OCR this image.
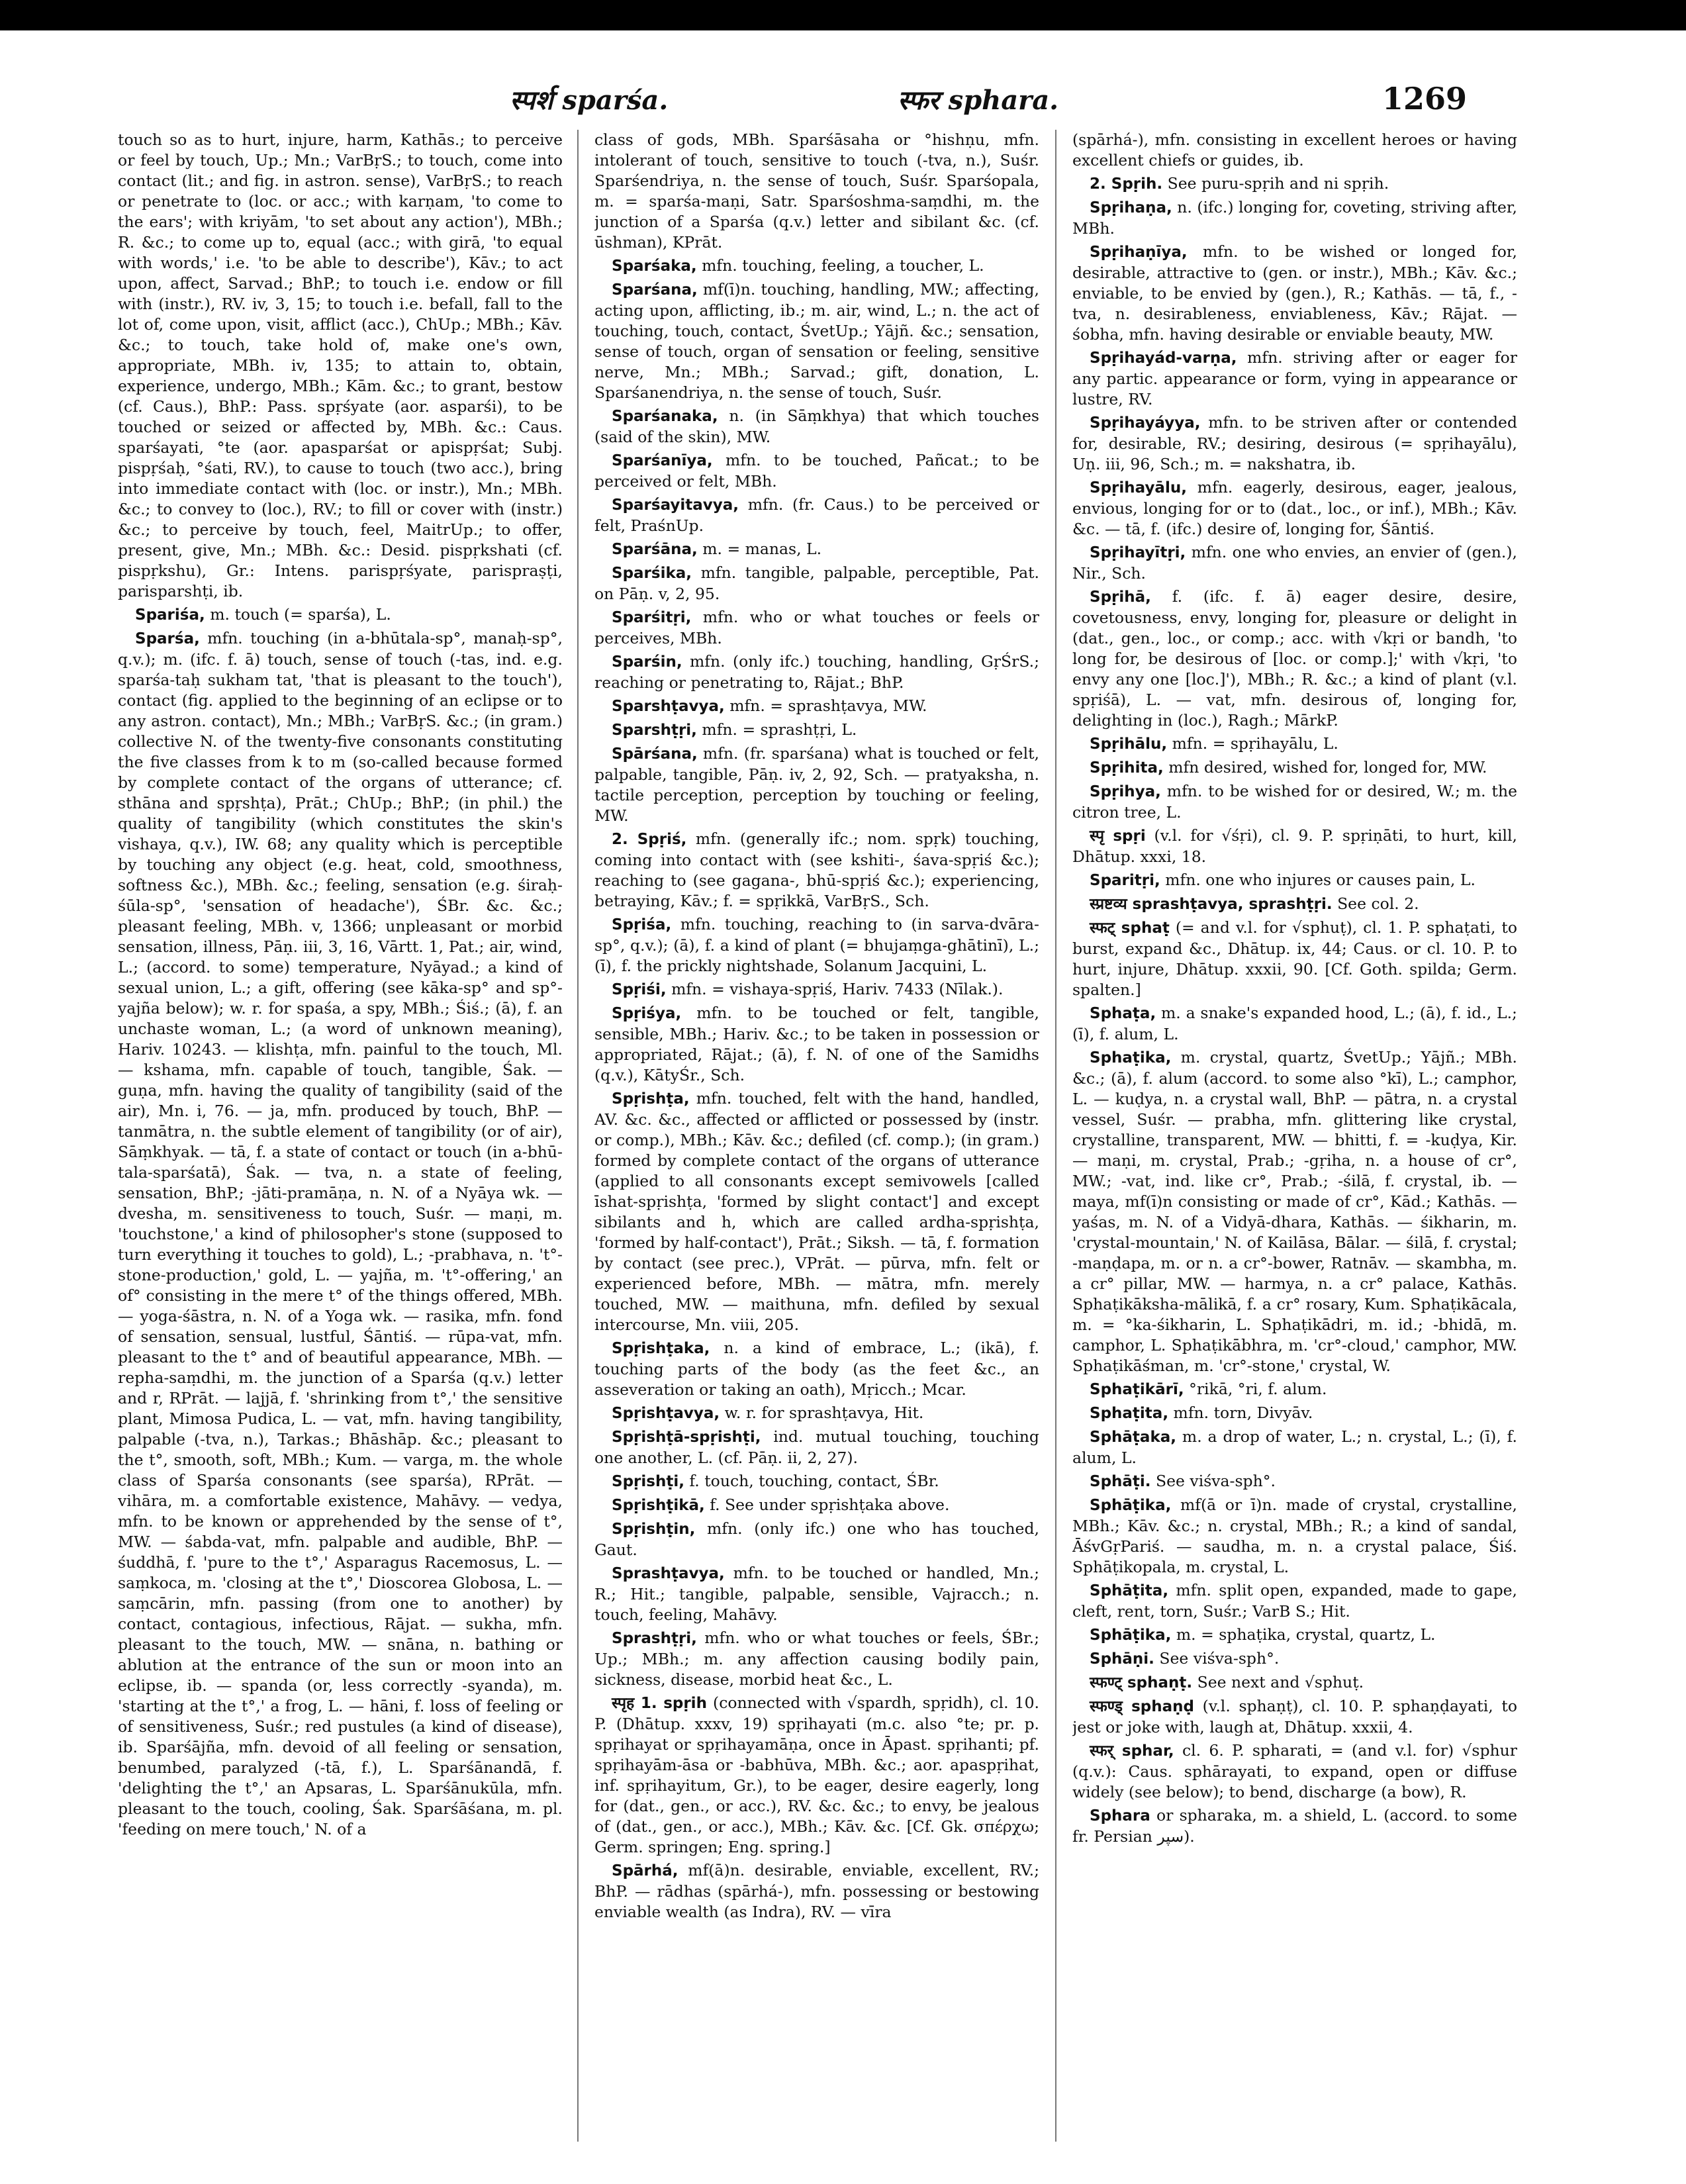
स्पर्श sparśa.	स्फर sphara.	1269

touch so as to hurt, injure, harm, Kathās.; to perceive or feel by touch, Up.; Mn.; VarBṛS.; to touch, come into contact (lit.; and fig. in astron. sense), VarBṛS.; to reach or penetrate to (loc. or acc.; with karṇam, 'to come to the ears'; with kriyām, 'to set about any action'), MBh.; R. &c.; to come up to, equal (acc.; with girā, 'to equal with words,' i.e. 'to be able to describe'), Kāv.; to act upon, affect, Sarvad.; BhP.; to touch i.e. endow or fill with (instr.), RV. iv, 3, 15; to touch i.e. befall, fall to the lot of, come upon, visit, afflict (acc.), ChUp.; MBh.; Kāv. &c.; to touch, take hold of, make one's own, appropriate, MBh. iv, 135; to attain to, obtain, experience, undergo, MBh.; Kām. &c.; to grant, bestow (cf. Caus.), BhP.: Pass. spṛśyate (aor. asparśi), to be touched or seized or affected by, MBh. &c.: Caus. sparśayati, °te (aor. apasparśat or apispṛśat; Subj. pispṛśaḥ, °śati, RV.), to cause to touch (two acc.), bring into immediate contact with (loc. or instr.), Mn.; MBh. &c.; to convey to (loc.), RV.; to fill or cover with (instr.) &c.; to perceive by touch, feel, MaitrUp.; to offer, present, give, Mn.; MBh. &c.: Desid. pispṛkshati (cf. pispṛkshu), Gr.: Intens. parispṛśyate, parispraṣṭi, parisparshṭi, ib.

Spariśa, m. touch (= sparśa), L.

Sparśa, mfn. touching (in a-bhūtala-sp°, manaḥ-sp°, q.v.); m. (ifc. f. ā) touch, sense of touch (-tas, ind. e.g. sparśa-taḥ sukham tat, 'that is pleasant to the touch'), contact (fig. applied to the beginning of an eclipse or to any astron. contact), Mn.; MBh.; VarBṛS. &c.; (in gram.) collective N. of the twenty-five consonants constituting the five classes from k to m (so-called because formed by complete contact of the organs of utterance; cf. sthāna and spṛshṭa), Prāt.; ChUp.; BhP.; (in phil.) the quality of tangibility (which constitutes the skin's vishaya, q.v.), IW. 68; any quality which is perceptible by touching any object (e.g. heat, cold, smoothness, softness &c.), MBh. &c.; feeling, sensation (e.g. śiraḥ-śūla-sp°, 'sensation of headache'), ŚBr. &c. &c.; pleasant feeling, MBh. v, 1366; unpleasant or morbid sensation, illness, Pāṇ. iii, 3, 16, Vārtt. 1, Pat.; air, wind, L.; (accord. to some) temperature, Nyāyad.; a kind of sexual union, L.; a gift, offering (see kāka-sp° and sp°-yajña below); w. r. for spaśa, a spy, MBh.; Śiś.; (ā), f. an unchaste woman, L.; (a word of unknown meaning), Hariv. 10243. — klishṭa, mfn. painful to the touch, Ml. — kshama, mfn. capable of touch, tangible, Śak. — guṇa, mfn. having the quality of tangibility (said of the air), Mn. i, 76. — ja, mfn. produced by touch, BhP. — tanmātra, n. the subtle element of tangibility (or of air), Sāṃkhyak. — tā, f. a state of contact or touch (in a-bhū-tala-sparśatā), Śak. — tva, n. a state of feeling, sensation, BhP.; -jāti-pramāṇa, n. N. of a Nyāya wk. — dvesha, m. sensitiveness to touch, Suśr. — maṇi, m. 'touchstone,' a kind of philosopher's stone (supposed to turn everything it touches to gold), L.; -prabhava, n. 't°-stone-production,' gold, L. — yajña, m. 't°-offering,' an of° consisting in the mere t° of the things offered, MBh. — yoga-śāstra, n. N. of a Yoga wk. — rasika, mfn. fond of sensation, sensual, lustful, Śāntiś. — rūpa-vat, mfn. pleasant to the t° and of beautiful appearance, MBh. — repha-saṃdhi, m. the junction of a Sparśa (q.v.) letter and r, RPrāt. — lajjā, f. 'shrinking from t°,' the sensitive plant, Mimosa Pudica, L. — vat, mfn. having tangibility, palpable (-tva, n.), Tarkas.; Bhāshāp. &c.; pleasant to the t°, smooth, soft, MBh.; Kum. — varga, m. the whole class of Sparśa consonants (see sparśa), RPrāt. — vihāra, m. a comfortable existence, Mahāvy. — vedya, mfn. to be known or apprehended by the sense of t°, MW. — śabda-vat, mfn. palpable and audible, BhP. — śuddhā, f. 'pure to the t°,' Asparagus Racemosus, L. — saṃkoca, m. 'closing at the t°,' Dioscorea Globosa, L. — saṃcārin, mfn. passing (from one to another) by contact, contagious, infectious, Rājat. — sukha, mfn. pleasant to the touch, MW. — snāna, n. bathing or ablution at the entrance of the sun or moon into an eclipse, ib. — spanda (or, less correctly -syanda), m. 'starting at the t°,' a frog, L. — hāni, f. loss of feeling or of sensitiveness, Suśr.; red pustules (a kind of disease), ib. Sparśājña, mfn. devoid of all feeling or sensation, benumbed, paralyzed (-tā, f.), L. Sparśānandā, f. 'delighting the t°,' an Apsaras, L. Sparśānukūla, mfn. pleasant to the touch, cooling, Śak. Sparśāśana, m. pl. 'feeding on mere touch,' N. of a

class of gods, MBh. Sparśāsaha or °hishṇu, mfn. intolerant of touch, sensitive to touch (-tva, n.), Suśr. Sparśendriya, n. the sense of touch, Suśr. Sparśopala, m. = sparśa-maṇi, Satr. Sparśoshma-saṃdhi, m. the junction of a Sparśa (q.v.) letter and sibilant &c. (cf. ūshman), KPrāt.

Sparśaka, mfn. touching, feeling, a toucher, L.

Sparśana, mf(ī)n. touching, handling, MW.; affecting, acting upon, afflicting, ib.; m. air, wind, L.; n. the act of touching, touch, contact, ŚvetUp.; Yājñ. &c.; sensation, sense of touch, organ of sensation or feeling, sensitive nerve, Mn.; MBh.; Sarvad.; gift, donation, L. Sparśanendriya, n. the sense of touch, Suśr.

Sparśanaka, n. (in Sāṃkhya) that which touches (said of the skin), MW.

Sparśanīya, mfn. to be touched, Pañcat.; to be perceived or felt, MBh.

Sparśayitavya, mfn. (fr. Caus.) to be perceived or felt, PraśnUp.

Sparśāna, m. = manas, L.

Sparśika, mfn. tangible, palpable, perceptible, Pat. on Pāṇ. v, 2, 95.

Sparśitṛi, mfn. who or what touches or feels or perceives, MBh.

Sparśin, mfn. (only ifc.) touching, handling, GṛŚrS.; reaching or penetrating to, Rājat.; BhP.

Sparshṭavya, mfn. = sprashṭavya, MW.

Sparshṭṛi, mfn. = sprashṭṛi, L.

Spārśana, mfn. (fr. sparśana) what is touched or felt, palpable, tangible, Pāṇ. iv, 2, 92, Sch. — pratyaksha, n. tactile perception, perception by touching or feeling, MW.

2. Spṛiś, mfn. (generally ifc.; nom. spṛk) touching, coming into contact with (see kshiti-, śava-spṛiś &c.); reaching to (see gagana-, bhū-spṛiś &c.); experiencing, betraying, Kāv.; f. = spṛikkā, VarBṛS., Sch.

Spṛiśa, mfn. touching, reaching to (in sarva-dvāra-sp°, q.v.); (ā), f. a kind of plant (= bhujaṃga-ghātinī), L.; (ī), f. the prickly nightshade, Solanum Jacquini, L.

Spṛiśi, mfn. = vishaya-spṛiś, Hariv. 7433 (Nīlak.).

Spṛiśya, mfn. to be touched or felt, tangible, sensible, MBh.; Hariv. &c.; to be taken in possession or appropriated, Rājat.; (ā), f. N. of one of the Samidhs (q.v.), KātyŚr., Sch.

Spṛishṭa, mfn. touched, felt with the hand, handled, AV. &c. &c., affected or afflicted or possessed by (instr. or comp.), MBh.; Kāv. &c.; defiled (cf. comp.); (in gram.) formed by complete contact of the organs of utterance (applied to all consonants except semivowels [called īshat-spṛishṭa, 'formed by slight contact'] and except sibilants and h, which are called ardha-spṛishṭa, 'formed by half-contact'), Prāt.; Siksh. — tā, f. formation by contact (see prec.), VPrāt. — pūrva, mfn. felt or experienced before, MBh. — mātra, mfn. merely touched, MW. — maithuna, mfn. defiled by sexual intercourse, Mn. viii, 205.

Spṛishṭaka, n. a kind of embrace, L.; (ikā), f. touching parts of the body (as the feet &c., an asseveration or taking an oath), Mṛicch.; Mcar.

Spṛishṭavya, w. r. for sprashṭavya, Hit.

Spṛishṭā-spṛishṭi, ind. mutual touching, touching one another, L. (cf. Pāṇ. ii, 2, 27).

Spṛishṭi, f. touch, touching, contact, ŚBr.

Spṛishṭikā, f. See under spṛishṭaka above.

Spṛishṭin, mfn. (only ifc.) one who has touched, Gaut.

Sprashṭavya, mfn. to be touched or handled, Mn.; R.; Hit.; tangible, palpable, sensible, Vajracch.; n. touch, feeling, Mahāvy.

Sprashṭṛi, mfn. who or what touches or feels, ŚBr.; Up.; MBh.; m. any affection causing bodily pain, sickness, disease, morbid heat &c., L.

स्पृह 1. spṛih (connected with √spardh, spṛidh), cl. 10. P. (Dhātup. xxxv, 19) spṛihayati (m.c. also °te; pr. p. spṛihayat or spṛihayamāṇa, once in Āpast. spṛihanti; pf. spṛihayām-āsa or -babhūva, MBh. &c.; aor. apaspṛihat, inf. spṛihayitum, Gr.), to be eager, desire eagerly, long for (dat., gen., or acc.), RV. &c. &c.; to envy, be jealous of (dat., gen., or acc.), MBh.; Kāv. &c. [Cf. Gk. σπέρχω; Germ. springen; Eng. spring.]

Spārhá, mf(ā)n. desirable, enviable, excellent, RV.; BhP. — rādhas (spārhá-), mfn. possessing or bestowing enviable wealth (as Indra), RV. — vīra

(spārhá-), mfn. consisting in excellent heroes or having excellent chiefs or guides, ib.

2. Spṛih. See puru-spṛih and ni spṛih.

Spṛihaṇa, n. (ifc.) longing for, coveting, striving after, MBh.

Spṛihaṇīya, mfn. to be wished or longed for, desirable, attractive to (gen. or instr.), MBh.; Kāv. &c.; enviable, to be envied by (gen.), R.; Kathās. — tā, f., -tva, n. desirableness, enviableness, Kāv.; Rājat. — śobha, mfn. having desirable or enviable beauty, MW.

Spṛihayád-varṇa, mfn. striving after or eager for any partic. appearance or form, vying in appearance or lustre, RV.

Spṛihayáyya, mfn. to be striven after or contended for, desirable, RV.; desiring, desirous (= spṛihayālu), Uṇ. iii, 96, Sch.; m. = nakshatra, ib.

Spṛihayālu, mfn. eagerly, desirous, eager, jealous, envious, longing for or to (dat., loc., or inf.), MBh.; Kāv. &c. — tā, f. (ifc.) desire of, longing for, Śāntiś.

Spṛihayītṛi, mfn. one who envies, an envier of (gen.), Nir., Sch.

Spṛihā, f. (ifc. f. ā) eager desire, desire, covetousness, envy, longing for, pleasure or delight in (dat., gen., loc., or comp.; acc. with √kṛi or bandh, 'to long for, be desirous of [loc. or comp.];' with √kṛi, 'to envy any one [loc.]'), MBh.; R. &c.; a kind of plant (v.l. spṛiśā), L. — vat, mfn. desirous of, longing for, delighting in (loc.), Ragh.; MārkP.

Spṛihālu, mfn. = spṛihayālu, L.

Spṛihita, mfn desired, wished for, longed for, MW.

Spṛihya, mfn. to be wished for or desired, W.; m. the citron tree, L.

स्पृ spṛi (v.l. for √śṛi), cl. 9. P. spṛiṇāti, to hurt, kill, Dhātup. xxxi, 18.

Sparitṛi, mfn. one who injures or causes pain, L.

स्प्रष्टव्य sprashṭavya, sprashṭṛi. See col. 2.

स्फट् sphaṭ (= and v.l. for √sphuṭ), cl. 1. P. sphaṭati, to burst, expand &c., Dhātup. ix, 44; Caus. or cl. 10. P. to hurt, injure, Dhātup. xxxii, 90. [Cf. Goth. spilda; Germ. spalten.]

Sphaṭa, m. a snake's expanded hood, L.; (ā), f. id., L.; (ī), f. alum, L.

Sphaṭika, m. crystal, quartz, ŚvetUp.; Yājñ.; MBh. &c.; (ā), f. alum (accord. to some also °kī), L.; camphor, L. — kuḍya, n. a crystal wall, BhP. — pātra, n. a crystal vessel, Suśr. — prabha, mfn. glittering like crystal, crystalline, transparent, MW. — bhitti, f. = -kuḍya, Kir. — maṇi, m. crystal, Prab.; -gṛiha, n. a house of cr°, MW.; -vat, ind. like cr°, Prab.; -śilā, f. crystal, ib. — maya, mf(ī)n consisting or made of cr°, Kād.; Kathās. — yaśas, m. N. of a Vidyā-dhara, Kathās. — śikharin, m. 'crystal-mountain,' N. of Kailāsa, Bālar. — śilā, f. crystal; -maṇḍapa, m. or n. a cr°-bower, Ratnāv. — skambha, m. a cr° pillar, MW. — harmya, n. a cr° palace, Kathās. Sphaṭikāksha-mālikā, f. a cr° rosary, Kum. Sphaṭikācala, m. = °ka-śikharin, L. Sphaṭikādri, m. id.; -bhidā, m. camphor, L. Sphaṭikābhra, m. 'cr°-cloud,' camphor, MW. Sphaṭikāśman, m. 'cr°-stone,' crystal, W.

Sphaṭikārī, °rikā, °ri, f. alum.

Sphaṭita, mfn. torn, Divyāv.

Sphāṭaka, m. a drop of water, L.; n. crystal, L.; (ī), f. alum, L.

Sphāṭi. See viśva-sph°.

Sphāṭika, mf(ā or ī)n. made of crystal, crystalline, MBh.; Kāv. &c.; n. crystal, MBh.; R.; a kind of sandal, ĀśvGṛPariś. — saudha, m. n. a crystal palace, Śiś. Sphāṭikopala, m. crystal, L.

Sphāṭita, mfn. split open, expanded, made to gape, cleft, rent, torn, Suśr.; VarB S.; Hit.

Sphāṭika, m. = sphaṭika, crystal, quartz, L.

Sphāṇi. See viśva-sph°.

स्फण्ट् sphaṇṭ. See next and √sphuṭ.

स्फण्ड् sphaṇḍ (v.l. sphaṇṭ), cl. 10. P. sphaṇḍayati, to jest or joke with, laugh at, Dhātup. xxxii, 4.

स्फर् sphar, cl. 6. P. spharati, = (and v.l. for) √sphur (q.v.): Caus. sphārayati, to expand, open or diffuse widely (see below); to bend, discharge (a bow), R.

Sphara or spharaka, m. a shield, L. (accord. to some fr. Persian سپر).
